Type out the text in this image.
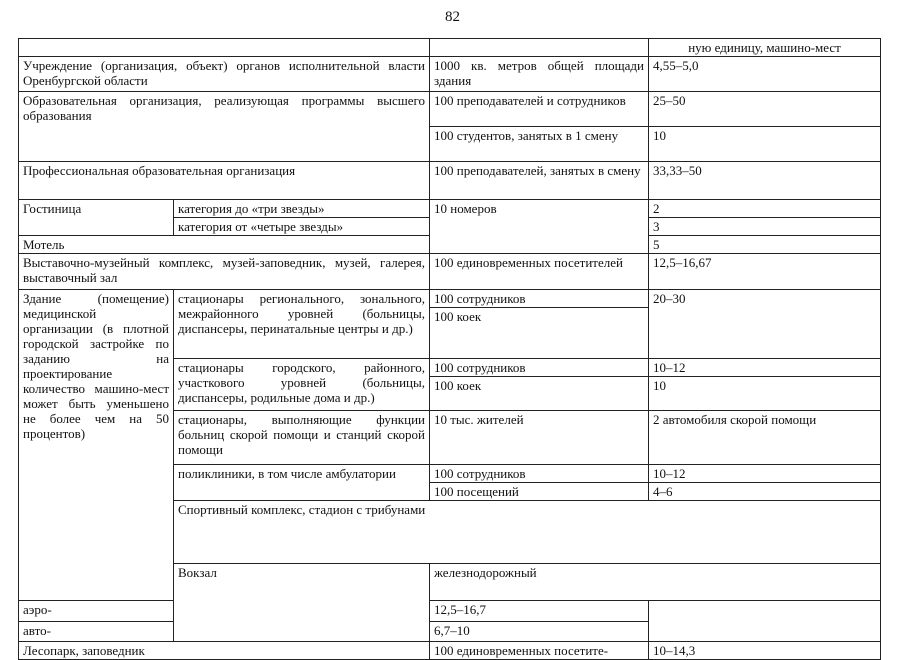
82
			ную единицу, машино-мест	
Учреждение (организация, объект) органов исполнительной власти Оренбургской области		1000 кв. метров общей площади здания	4,55–5,0	
Образовательная организация, реализующая программы высшего образования		100 преподавателей и сотрудников	25–50	
		100 студентов, занятых в 1 смену	10	
Профессиональная образовательная организация		100 преподавателей, занятых в смену	33,33–50	
Гостиница	категория до «три звезды»	10 номеров	2	
	категория от «четыре звезды»		3	
Мотель			5	
Выставочно-музейный комплекс, музей-заповедник, музей, галерея, выставочный зал		100 единовременных посетителей	12,5–16,67	
Здание (помещение) медицинской организации (в плотной городской застройке по заданию на проектирование количество машино-мест может быть уменьшено не более чем на 50 процентов)	стационары регионального, зонального, межрайонного уровней (больницы, диспансеры, перинатальные центры и др.)	100 сотрудников	20–30	
		100 коек		
	стационары городского, районного, участкового уровней (больницы, диспансеры, родильные дома и др.)	100 сотрудников	10–12	
		100 коек	10	
	стационары, выполняющие функции больниц скорой помощи и станций скорой помощи	10 тыс. жителей	2 автомобиля скорой помощи	
	поликлиники, в том числе амбулатории	100 сотрудников	10–12	
		100 посещений	4–6	
	Спортивный комплекс, стадион с трибунами		
	Вокзал	железнодорожный		
аэро-		12,5–16,7		
авто-		6,7–10		
Лесопарк, заповедник		100 единовременных посетите-	10–14,3	
